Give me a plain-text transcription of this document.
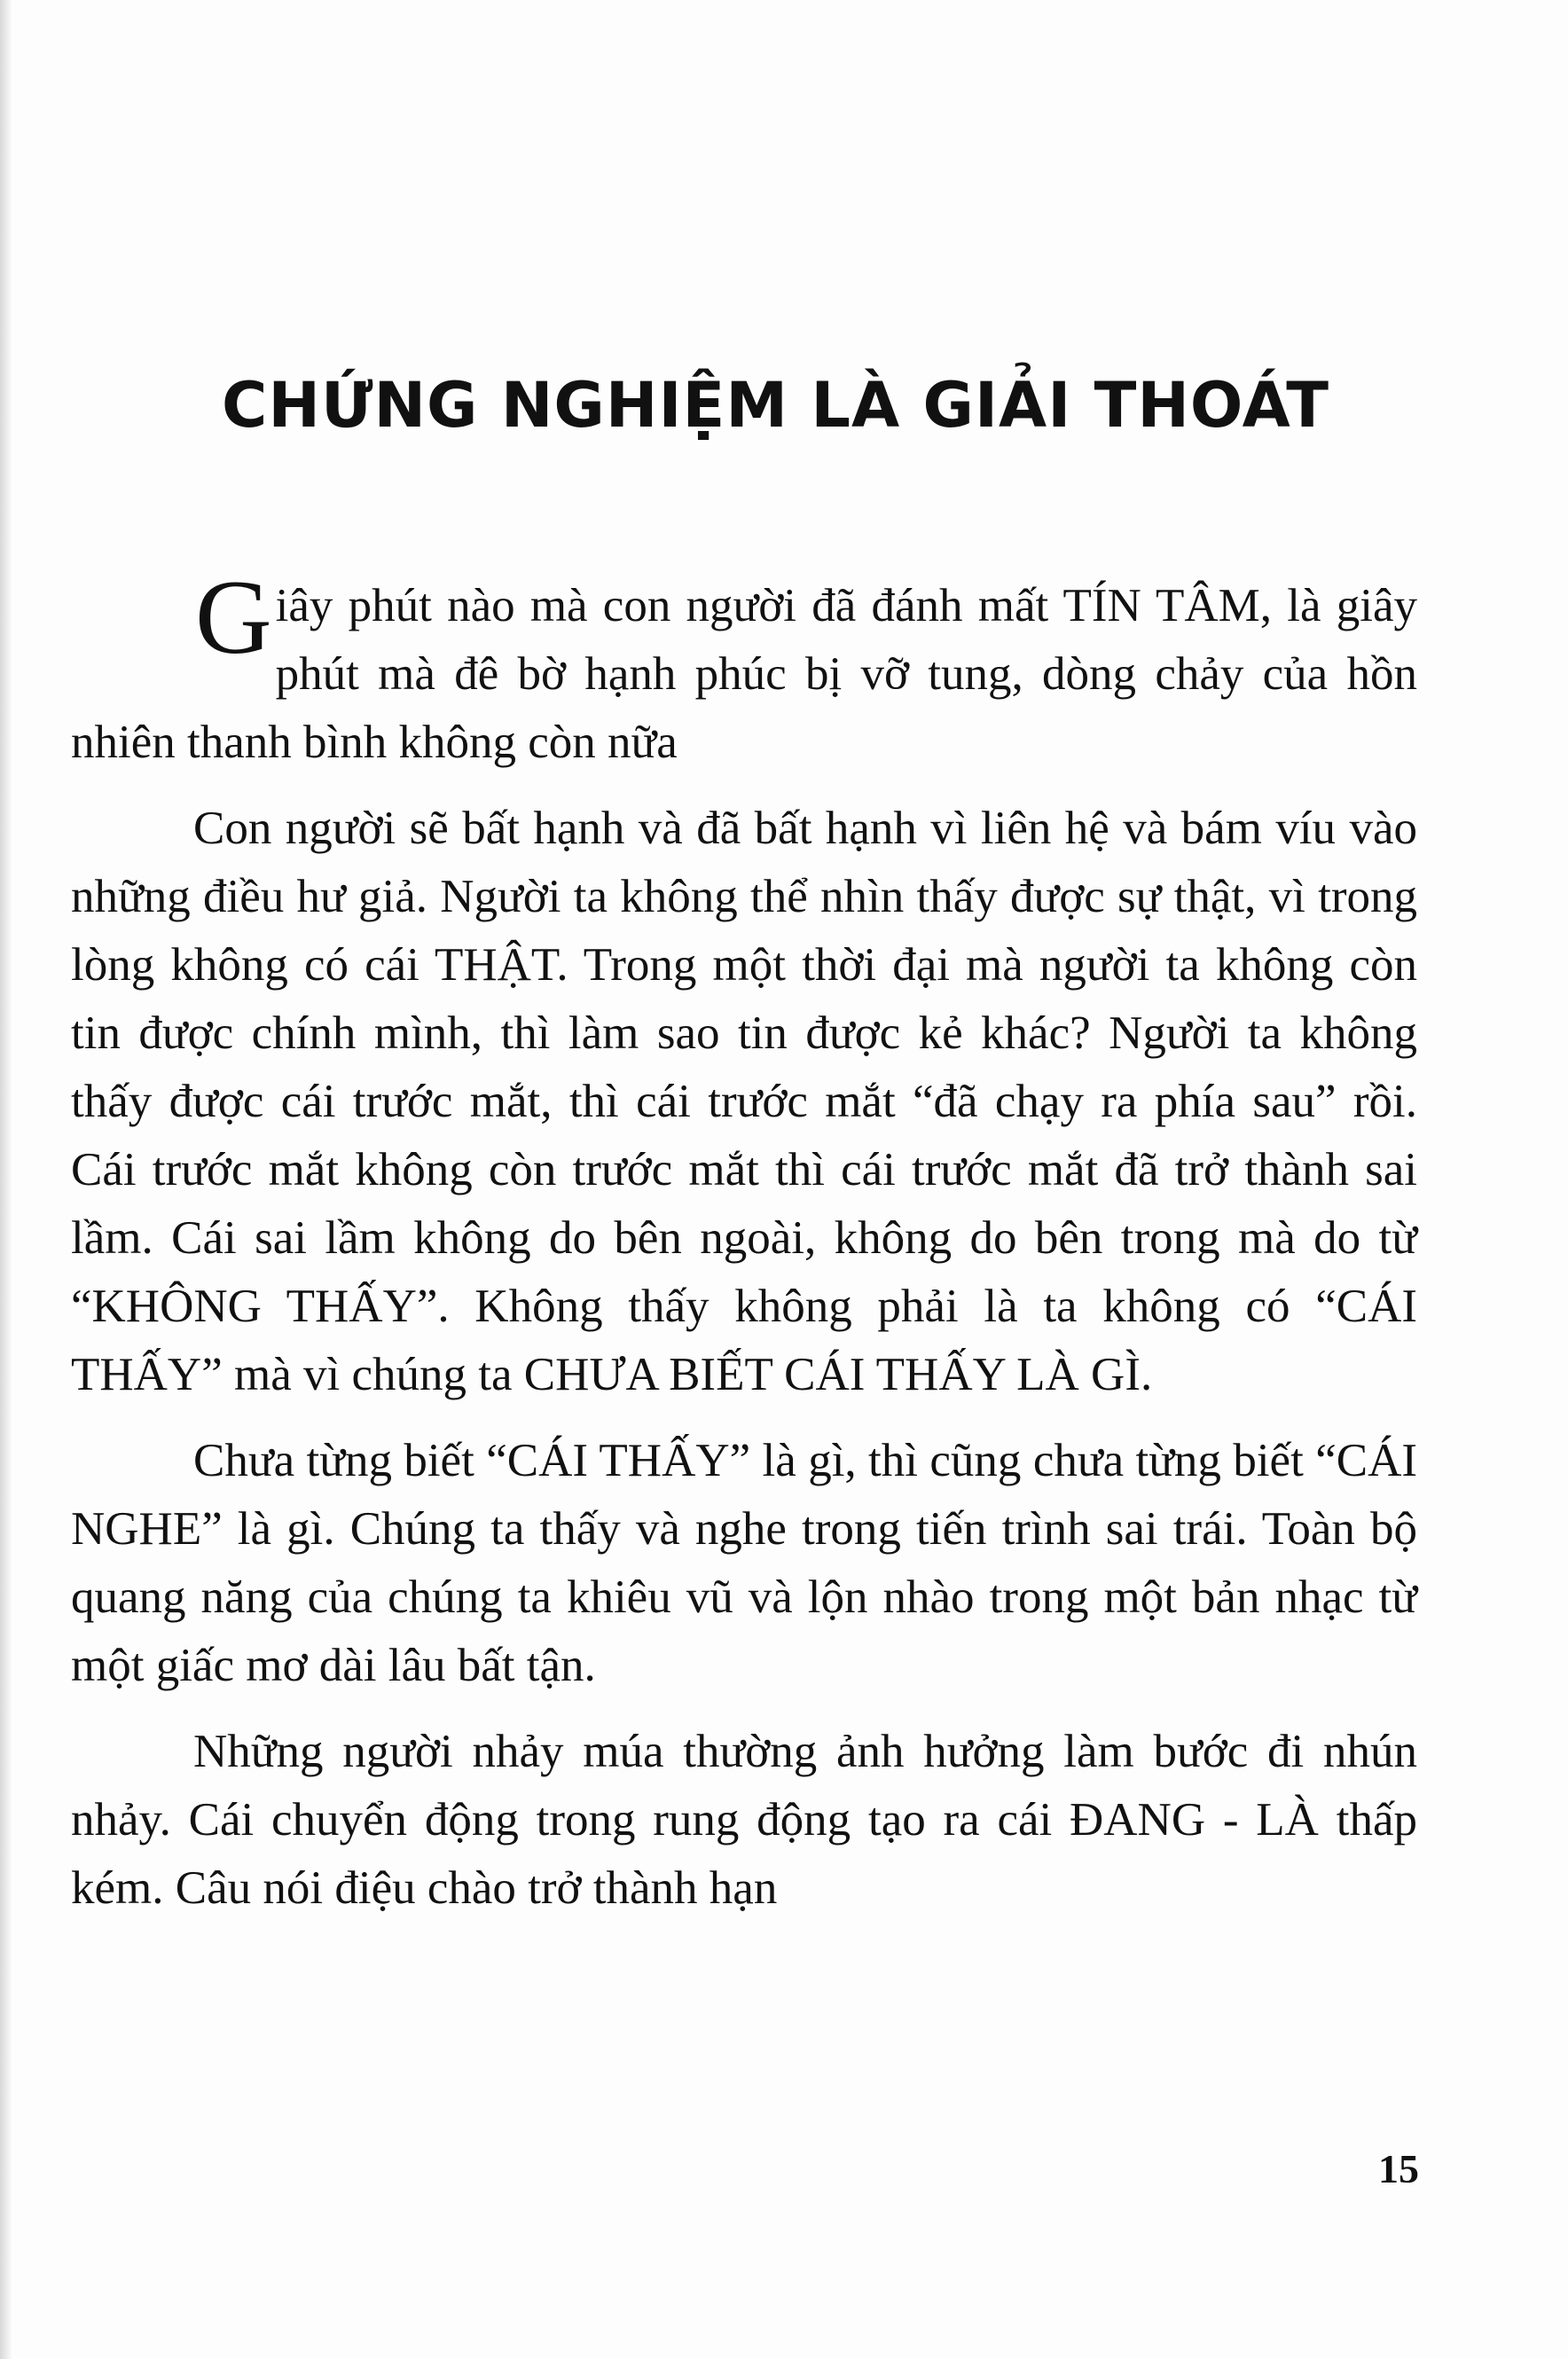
CHỨNG NGHIỆM LÀ GIẢI THOÁT

Giây phút nào mà con người đã đánh mất TÍN TÂM, là giây phút mà đê bờ hạnh phúc bị vỡ tung, dòng chảy của hồn nhiên thanh bình không còn nữa

Con người sẽ bất hạnh và đã bất hạnh vì liên hệ và bám víu vào những điều hư giả. Người ta không thể nhìn thấy được sự thật, vì trong lòng không có cái THẬT. Trong một thời đại mà người ta không còn tin được chính mình, thì làm sao tin được kẻ khác? Người ta không thấy được cái trước mắt, thì cái trước mắt “đã chạy ra phía sau” rồi. Cái trước mắt không còn trước mắt thì cái trước mắt đã trở thành sai lầm. Cái sai lầm không do bên ngoài, không do bên trong mà do từ “KHÔNG THẤY”. Không thấy không phải là ta không có “CÁI THẤY” mà vì chúng ta CHƯA BIẾT CÁI THẤY LÀ GÌ.

Chưa từng biết “CÁI THẤY” là gì, thì cũng chưa từng biết “CÁI NGHE” là gì. Chúng ta thấy và nghe trong tiến trình sai trái. Toàn bộ quang năng của chúng ta khiêu vũ và lộn nhào trong một bản nhạc từ một giấc mơ dài lâu bất tận.

Những người nhảy múa thường ảnh hưởng làm bước đi nhún nhảy. Cái chuyển động trong rung động tạo ra cái ĐANG - LÀ thấp kém. Câu nói điệu chào trở thành hạn

15
